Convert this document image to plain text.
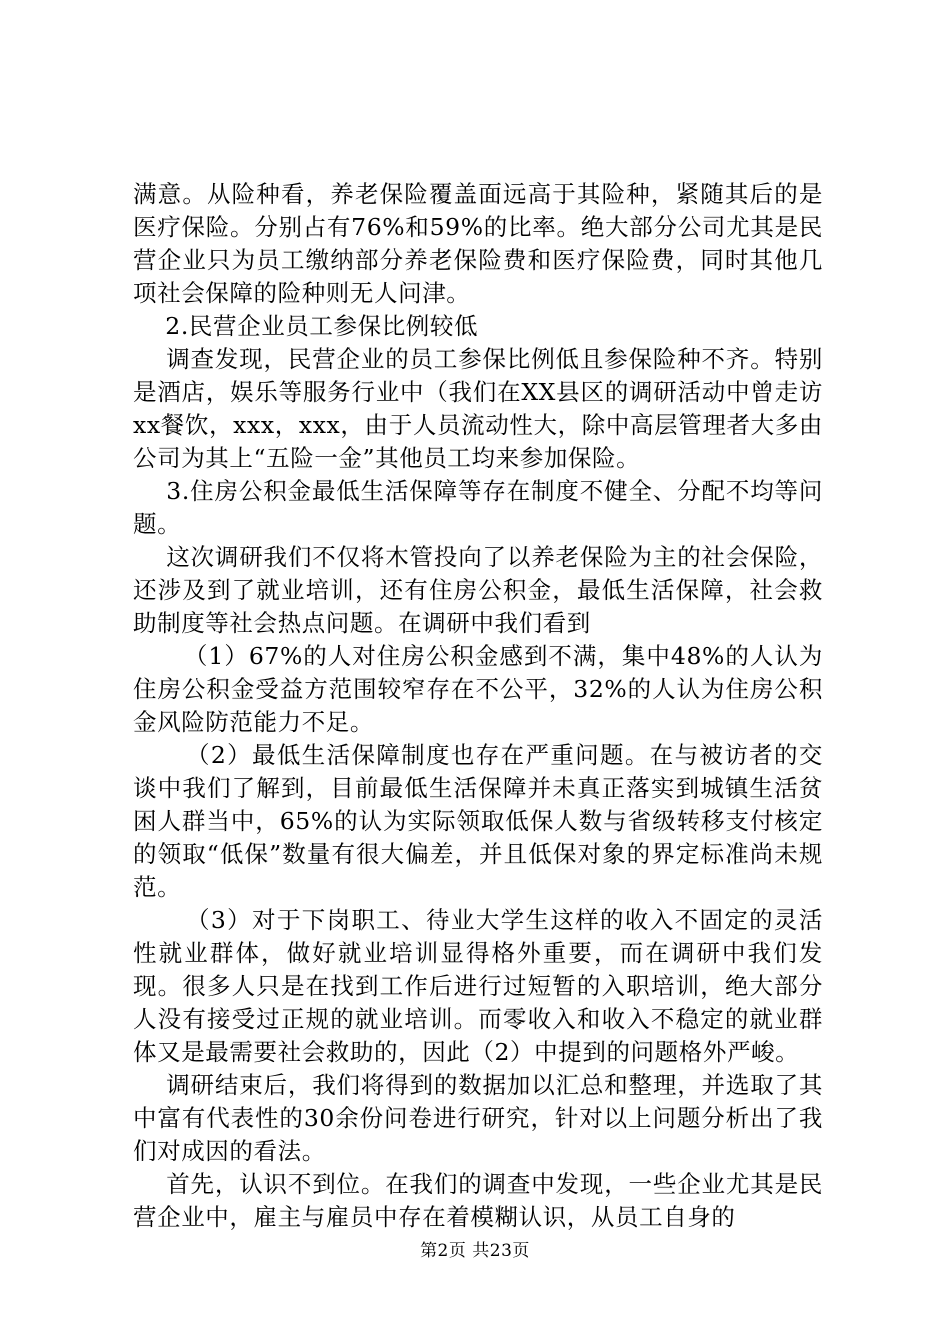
满意。从险种看，养老保险覆盖面远高于其险种，紧随其后的是医疗保险。分别占有76%和59%的比率。绝大部分公司尤其是民营企业只为员工缴纳部分养老保险费和医疗保险费，同时其他几项社会保障的险种则无人问津。

2.民营企业员工参保比例较低

调查发现，民营企业的员工参保比例低且参保险种不齐。特别是酒店，娱乐等服务行业中（我们在XX县区的调研活动中曾走访xx餐饮，xxx，xxx，由于人员流动性大，除中高层管理者大多由公司为其上“五险一金”其他员工均来参加保险。

3.住房公积金最低生活保障等存在制度不健全、分配不均等问题。

这次调研我们不仅将木管投向了以养老保险为主的社会保险，还涉及到了就业培训，还有住房公积金，最低生活保障，社会救助制度等社会热点问题。在调研中我们看到

（1）67%的人对住房公积金感到不满，集中48%的人认为住房公积金受益方范围较窄存在不公平，32%的人认为住房公积金风险防范能力不足。

（2）最低生活保障制度也存在严重问题。在与被访者的交谈中我们了解到，目前最低生活保障并未真正落实到城镇生活贫困人群当中，65%的认为实际领取低保人数与省级转移支付核定的领取“低保”数量有很大偏差，并且低保对象的界定标准尚未规范。

（3）对于下岗职工、待业大学生这样的收入不固定的灵活性就业群体，做好就业培训显得格外重要，而在调研中我们发现。很多人只是在找到工作后进行过短暂的入职培训，绝大部分人没有接受过正规的就业培训。而零收入和收入不稳定的就业群体又是最需要社会救助的，因此（2）中提到的问题格外严峻。

调研结束后，我们将得到的数据加以汇总和整理，并选取了其中富有代表性的30余份问卷进行研究，针对以上问题分析出了我们对成因的看法。

首先，认识不到位。在我们的调查中发现，一些企业尤其是民营企业中，雇主与雇员中存在着模糊认识，从员工自身的

第2页 共23页
